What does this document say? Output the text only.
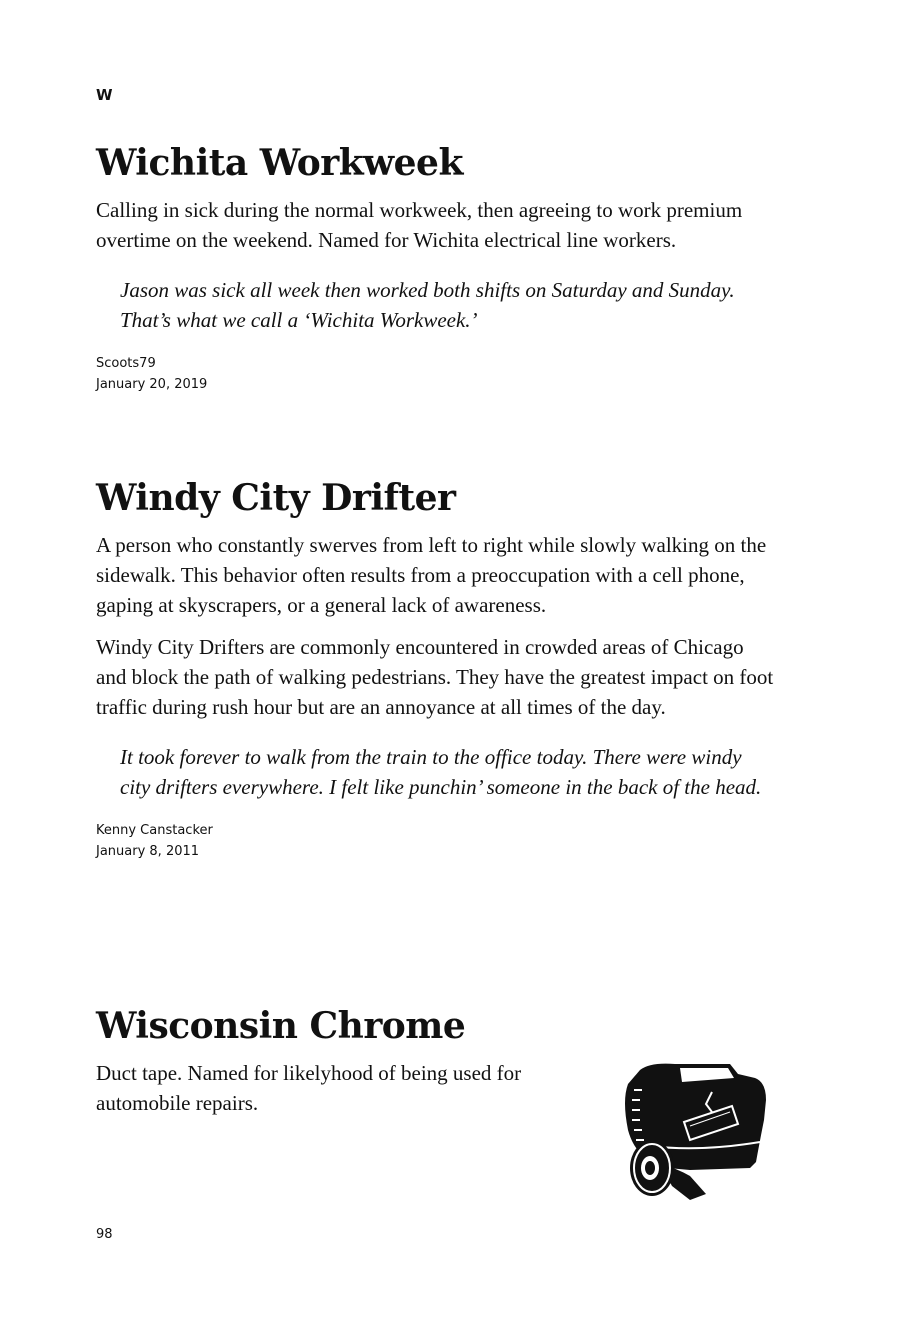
W
Wichita Workweek

Calling in sick during the normal workweek, then agreeing to work premium overtime on the weekend. Named for Wichita electrical line workers.

Jason was sick all week then worked both shifts on Saturday and Sunday. That’s what we call a ‘Wichita Workweek.’

Scoots79
January 20, 2019
Windy City Drifter

A person who constantly swerves from left to right while slowly walking on the sidewalk. This behavior often results from a preoccupation with a cell phone, gaping at skyscrapers, or a general lack of awareness.

Windy City Drifters are commonly encountered in crowded areas of Chicago and block the path of walking pedestrians. They have the greatest impact on foot traffic during rush hour but are an annoyance at all times of the day.

It took forever to walk from the train to the office today. There were windy city drifters everywhere. I felt like punchin’ someone in the back of the head.

Kenny Canstacker
January 8, 2011
Wisconsin Chrome

Duct tape. Named for likelyhood of being used for automobile repairs.

98
